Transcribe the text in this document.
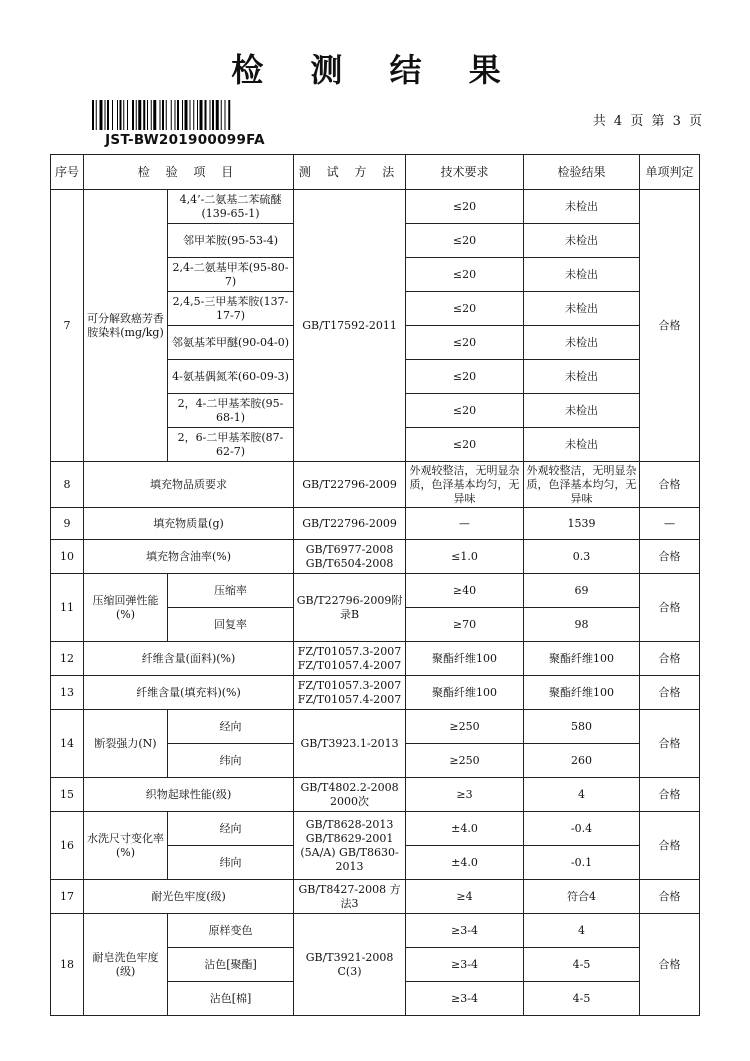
检 测 结 果
JST-BW201900099FA
共 4 页 第 3 页
序号	检 验 项 目		测 试 方 法	技术要求	检验结果	单项判定
7	可分解致癌芳香胺染料(mg/kg)	4,4’-二氨基二苯硫醚(139-65-1)	GB/T17592-2011	≤20	未检出	合格
		邻甲苯胺(95-53-4)		≤20	未检出	
		2,4-二氨基甲苯(95-80-7)		≤20	未检出	
		2,4,5-三甲基苯胺(137-17-7)		≤20	未检出	
		邻氨基苯甲醚(90-04-0)		≤20	未检出	
		4-氨基偶氮苯(60-09-3)		≤20	未检出	
		2，4-二甲基苯胺(95-68-1)		≤20	未检出	
		2，6-二甲基苯胺(87-62-7)		≤20	未检出	
8	填充物品质要求		GB/T22796-2009	外观较整洁，无明显杂质，色泽基本均匀，无异味	外观较整洁，无明显杂质，色泽基本均匀，无异味	合格
9	填充物质量(g)		GB/T22796-2009	—	1539	—
10	填充物含油率(%)		GB/T6977-2008 GB/T6504-2008	≤1.0	0.3	合格
11	压缩回弹性能(%)	压缩率	GB/T22796-2009附录B	≥40	69	合格
		回复率		≥70	98	
12	纤维含量(面料)(%)		FZ/T01057.3-2007 FZ/T01057.4-2007	聚酯纤维100	聚酯纤维100	合格
13	纤维含量(填充料)(%)		FZ/T01057.3-2007 FZ/T01057.4-2007	聚酯纤维100	聚酯纤维100	合格
14	断裂强力(N)	经向	GB/T3923.1-2013	≥250	580	合格
		纬向		≥250	260	
15	织物起球性能(级)		GB/T4802.2-2008 2000次	≥3	4	合格
16	水洗尺寸变化率(%)	经向	GB/T8628-2013 GB/T8629-2001 (5A/A) GB/T8630-2013	±4.0	-0.4	合格
		纬向		±4.0	-0.1	
17	耐光色牢度(级)		GB/T8427-2008 方法3	≥4	符合4	合格
18	耐皂洗色牢度(级)	原样变色	GB/T3921-2008 C(3)	≥3-4	4	合格
		沾色[聚酯]		≥3-4	4-5	
		沾色[棉]		≥3-4	4-5	
